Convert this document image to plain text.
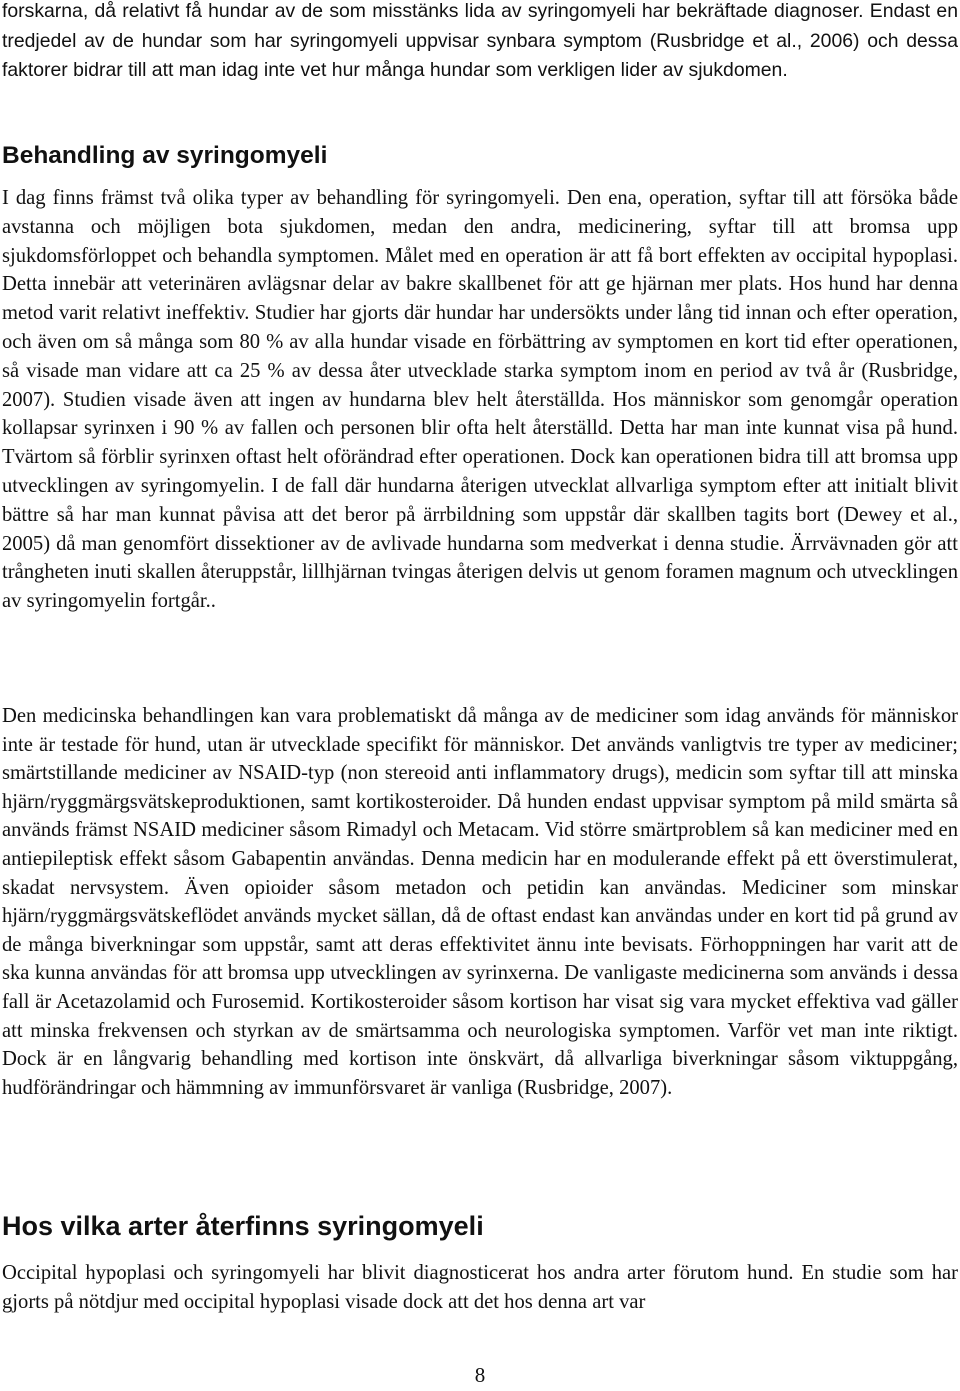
forskarna, då relativt få hundar av de som misstänks lida av syringomyeli har bekräftade diagnoser. Endast en tredjedel av de hundar som har syringomyeli uppvisar synbara symptom (Rusbridge et al., 2006) och dessa faktorer bidrar till att man idag inte vet hur många hundar som verkligen lider av sjukdomen.

Behandling av syringomyeli

I dag finns främst två olika typer av behandling för syringomyeli. Den ena, operation, syftar till att försöka både avstanna och möjligen bota sjukdomen, medan den andra, medicinering, syftar till att bromsa upp sjukdomsförloppet och behandla symptomen. Målet med en operation är att få bort effekten av occipital hypoplasi. Detta innebär att veterinären avlägsnar delar av bakre skallbenet för att ge hjärnan mer plats. Hos hund har denna metod varit relativt ineffektiv. Studier har gjorts där hundar har undersökts under lång tid innan och efter operation, och även om så många som 80 % av alla hundar visade en förbättring av symptomen en kort tid efter operationen, så visade man vidare att ca 25 % av dessa åter utvecklade starka symptom inom en period av två år (Rusbridge, 2007). Studien visade även att ingen av hundarna blev helt återställda. Hos människor som genomgår operation kollapsar syrinxen i 90 % av fallen och personen blir ofta helt återställd. Detta har man inte kunnat visa på hund. Tvärtom så förblir syrinxen oftast helt oförändrad efter operationen. Dock kan operationen bidra till att bromsa upp utvecklingen av syringomyelin. I de fall där hundarna återigen utvecklat allvarliga symptom efter att initialt blivit bättre så har man kunnat påvisa att det beror på ärrbildning som uppstår där skallben tagits bort (Dewey et al., 2005) då man genomfört dissektioner av de avlivade hundarna som medverkat i denna studie. Ärrvävnaden gör att trångheten inuti skallen återuppstår, lillhjärnan tvingas återigen delvis ut genom foramen magnum och utvecklingen av syringomyelin fortgår..

Den medicinska behandlingen kan vara problematiskt då många av de mediciner som idag används för människor inte är testade för hund, utan är utvecklade specifikt för människor. Det används vanligtvis tre typer av mediciner; smärtstillande mediciner av NSAID-typ (non stereoid anti inflammatory drugs), medicin som syftar till att minska hjärn/ryggmärgsvätskeproduktionen, samt kortikosteroider. Då hunden endast uppvisar symptom på mild smärta så används främst NSAID mediciner såsom Rimadyl och Metacam. Vid större smärtproblem så kan mediciner med en antiepileptisk effekt såsom Gabapentin användas. Denna medicin har en modulerande effekt på ett överstimulerat, skadat nervsystem. Även opioider såsom metadon och petidin kan användas. Mediciner som minskar hjärn/ryggmärgsvätskeflödet används mycket sällan, då de oftast endast kan användas under en kort tid på grund av de många biverkningar som uppstår, samt att deras effektivitet ännu inte bevisats. Förhoppningen har varit att de ska kunna användas för att bromsa upp utvecklingen av syrinxerna. De vanligaste medicinerna som används i dessa fall är Acetazolamid och Furosemid. Kortikosteroider såsom kortison har visat sig vara mycket effektiva vad gäller att minska frekvensen och styrkan av de smärtsamma och neurologiska symptomen. Varför vet man inte riktigt. Dock är en långvarig behandling med kortison inte önskvärt, då allvarliga biverkningar såsom viktuppgång, hudförändringar och hämmning av immunförsvaret är vanliga (Rusbridge, 2007).

Hos vilka arter återfinns syringomyeli

Occipital hypoplasi och syringomyeli har blivit diagnosticerat hos andra arter förutom hund. En studie som har gjorts på nötdjur med occipital hypoplasi visade dock att det hos denna art var

8
